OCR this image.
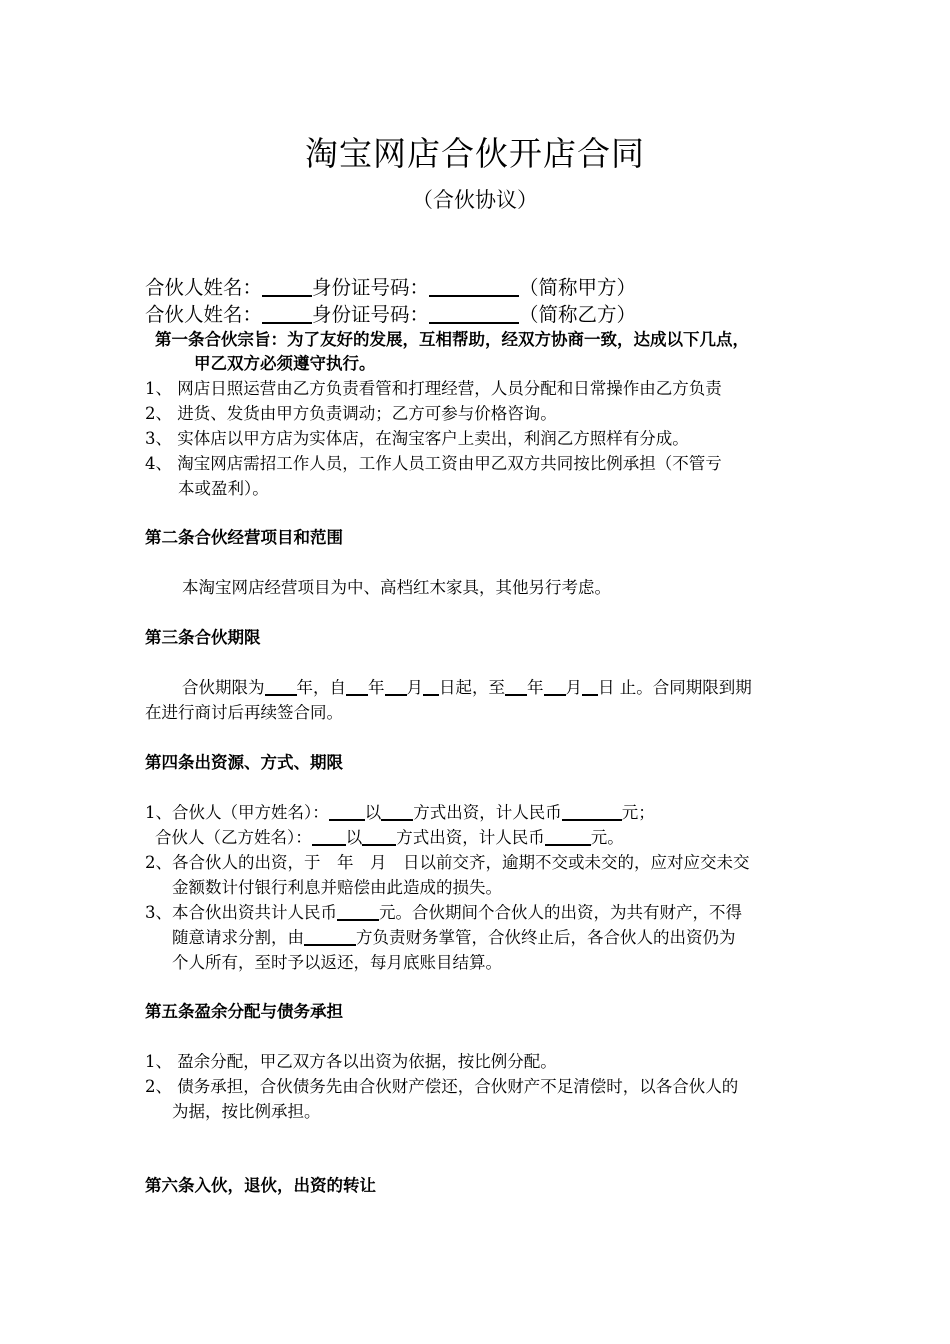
淘宝网店合伙开店合同
（合伙协议）
合伙人姓名：	身份证号码：	（简称甲方）
合伙人姓名：	身份证号码：	（简称乙方）
第一条合伙宗旨：为了友好的发展，互相帮助，经双方协商一致，达成以下几点，
甲乙双方必须遵守执行。
1、 网店日照运营由乙方负责看管和打理经营，人员分配和日常操作由乙方负责
2、 进货、发货由甲方负责调动；乙方可参与价格咨询。
3、 实体店以甲方店为实体店，在淘宝客户上卖出，利润乙方照样有分成。
4、 淘宝网店需招工作人员，工作人员工资由甲乙双方共同按比例承担（不管亏
本或盈利）。
第二条合伙经营项目和范围
本淘宝网店经营项目为中、高档红木家具，其他另行考虑。
第三条合伙期限
合伙期限为 年，自 年 月 日起，至 年 月 日 止。合同期限到期
在进行商讨后再续签合同。
第四条出资源、方式、期限
1、合伙人（甲方姓名）： 以 方式出资，计人民币	元；
合伙人（乙方姓名）： 以 方式出资，计人民币	元。
2、各合伙人的出资，于　年　月　日以前交齐，逾期不交或未交的，应对应交未交
金额数计付银行利息并赔偿由此造成的损失。
3、本合伙出资共计人民币	元。合伙期间个合伙人的出资，为共有财产，不得
随意请求分割，由	方负责财务掌管，合伙终止后，各合伙人的出资仍为
个人所有，至时予以返还，每月底账目结算。
第五条盈余分配与债务承担
1、 盈余分配，甲乙双方各以出资为依据，按比例分配。
2、 债务承担，合伙债务先由合伙财产偿还，合伙财产不足清偿时，以各合伙人的
为据，按比例承担。
第六条入伙，退伙，出资的转让
